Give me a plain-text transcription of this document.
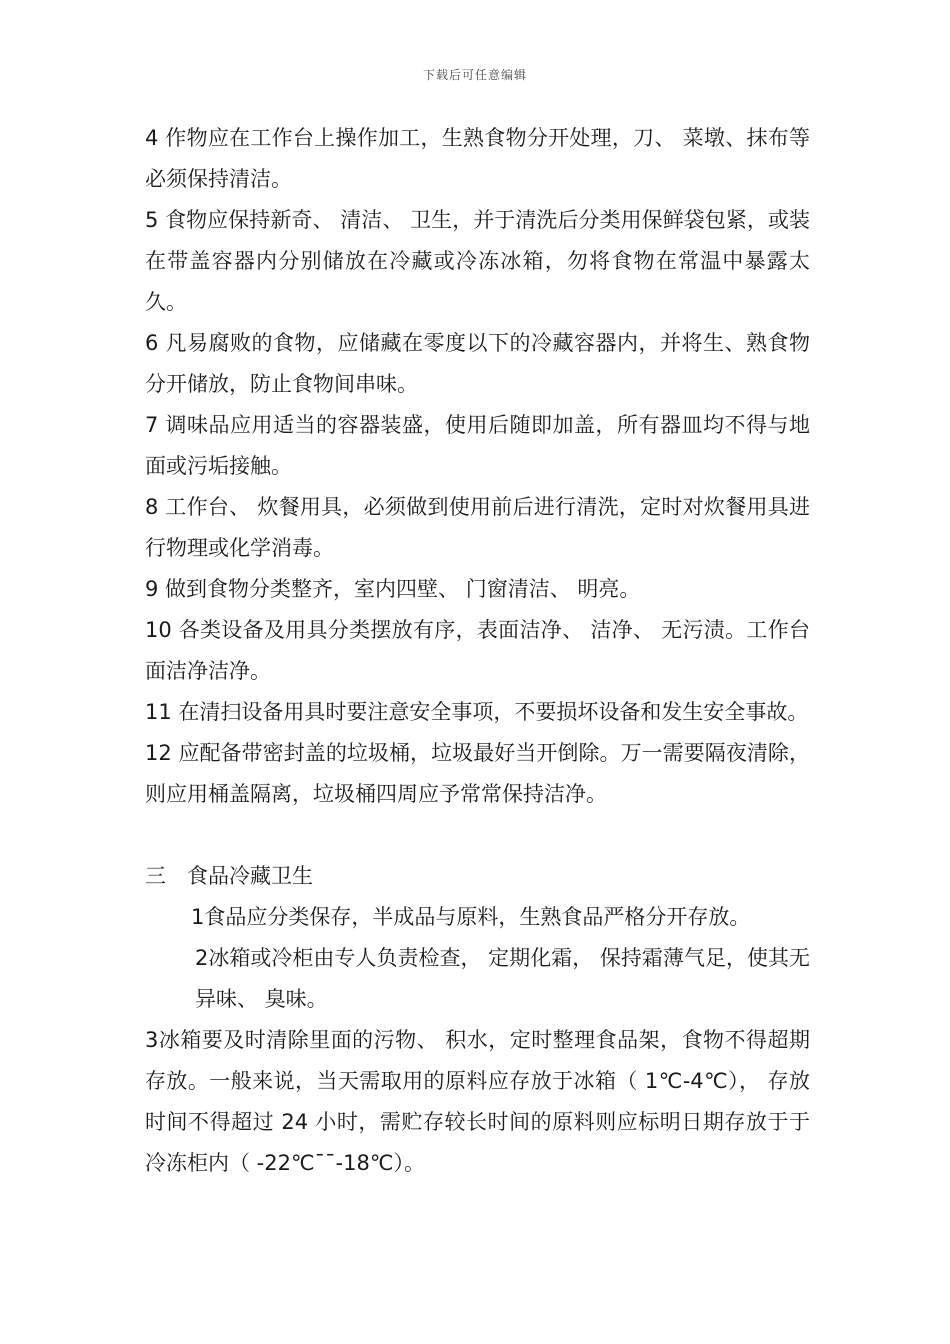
下载后可任意编辑

4 作物应在工作台上操作加工，生熟食物分开处理，刀、 菜墩、抹布等必须保持清洁。

5 食物应保持新奇、 清洁、 卫生，并于清洗后分类用保鲜袋包紧，或装在带盖容器内分别储放在冷藏或冷冻冰箱，勿将食物在常温中暴露太久。

6 凡易腐败的食物，应储藏在零度以下的冷藏容器内，并将生、熟食物分开储放，防止食物间串味。

7 调味品应用适当的容器装盛，使用后随即加盖，所有器皿均不得与地面或污垢接触。

8 工作台、 炊餐用具，必须做到使用前后进行清洗，定时对炊餐用具进行物理或化学消毒。

9 做到食物分类整齐，室内四壁、 门窗清洁、 明亮。

10 各类设备及用具分类摆放有序，表面洁净、 洁净、 无污渍。工作台面洁净洁净。

11 在清扫设备用具时要注意安全事项，不要损坏设备和发生安全事故。

12 应配备带密封盖的垃圾桶，垃圾最好当开倒除。万一需要隔夜清除，则应用桶盖隔离，垃圾桶四周应予常常保持洁净。

三　食品冷藏卫生

1食品应分类保存，半成品与原料，生熟食品严格分开存放。

2冰箱或冷柜由专人负责检查， 定期化霜， 保持霜薄气足，使其无异味、 臭味。

3冰箱要及时清除里面的污物、 积水，定时整理食品架，食物不得超期存放。一般来说，当天需取用的原料应存放于冰箱（ 1℃-4℃）， 存放时间不得超过 24 小时，需贮存较长时间的原料则应标明日期存放于于冷冻柜内（ -22℃¯¯-18℃）。
